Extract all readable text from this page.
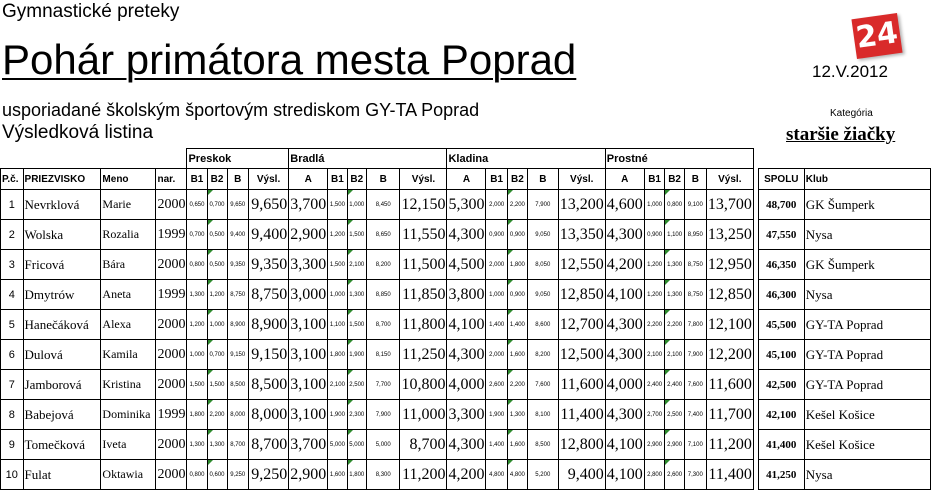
Gymnastické preteky
Pohár primátora mesta Poprad	12.V.2012
usporiadané školským športovým strediskom GY-TA Poprad
Výsledková listina
Kategória
staršie žiačky
24
				Preskok				Bradlá					Kladina					Prostné							
P.č.	PRIEZVISKO	Meno	nar.	B1	B2	B	Výsl.	A	B1	B2	B	Výsl.	A	B1	B2	B	Výsl.	A	B1	B2	B	Výsl.		SPOLU	Klub
1	Nevrklová	Marie	2000	0,650	0,700	9,650	9,650	3,700	1,500	1,000	8,450	12,150	5,300	2,000	2,200	7,900	13,200	4,600	1,000	0,800	9,100	13,700		48,700	GK Šumperk
2	Wolska	Rozalia	1999	0,700	0,500	9,400	9,400	2,900	1,200	1,500	8,650	11,550	4,300	0,900	0,900	9,050	13,350	4,300	0,900	1,100	8,950	13,250		47,550	Nysa
3	Fricová	Bára	2000	0,800	0,500	9,350	9,350	3,300	1,500	2,100	8,200	11,500	4,500	2,000	1,800	8,050	12,550	4,200	1,200	1,300	8,750	12,950		46,350	GK Šumperk
4	Dmytrów	Aneta	1999	1,300	1,200	8,750	8,750	3,000	1,000	1,300	8,850	11,850	3,800	1,000	0,900	9,050	12,850	4,100	1,200	1,300	8,750	12,850		46,300	Nysa
5	Hanečáková	Alexa	2000	1,200	1,000	8,900	8,900	3,100	1,100	1,500	8,700	11,800	4,100	1,400	1,400	8,600	12,700	4,300	2,200	2,200	7,800	12,100		45,500	GY-TA Poprad
6	Dulová	Kamila	2000	1,000	0,700	9,150	9,150	3,100	1,800	1,900	8,150	11,250	4,300	2,000	1,600	8,200	12,500	4,300	2,100	2,100	7,900	12,200		45,100	GY-TA Poprad
7	Jamborová	Kristina	2000	1,500	1,500	8,500	8,500	3,100	2,100	2,500	7,700	10,800	4,000	2,600	2,200	7,600	11,600	4,000	2,400	2,400	7,600	11,600		42,500	GY-TA Poprad
8	Babejová	Dominika	1999	1,800	2,200	8,000	8,000	3,100	1,900	2,300	7,900	11,000	3,300	1,900	1,300	8,100	11,400	4,300	2,700	2,500	7,400	11,700		42,100	Kešel Košice
9	Tomečková	Iveta	2000	1,300	1,300	8,700	8,700	3,700	5,000	5,000	5,000	8,700	4,300	1,400	1,600	8,500	12,800	4,100	2,900	2,900	7,100	11,200		41,400	Kešel Košice
10	Fulat	Oktawia	2000	0,800	0,600	9,250	9,250	2,900	1,600	1,800	8,300	11,200	4,200	4,800	4,800	5,200	9,400	4,100	2,800	2,600	7,300	11,400		41,250	Nysa
